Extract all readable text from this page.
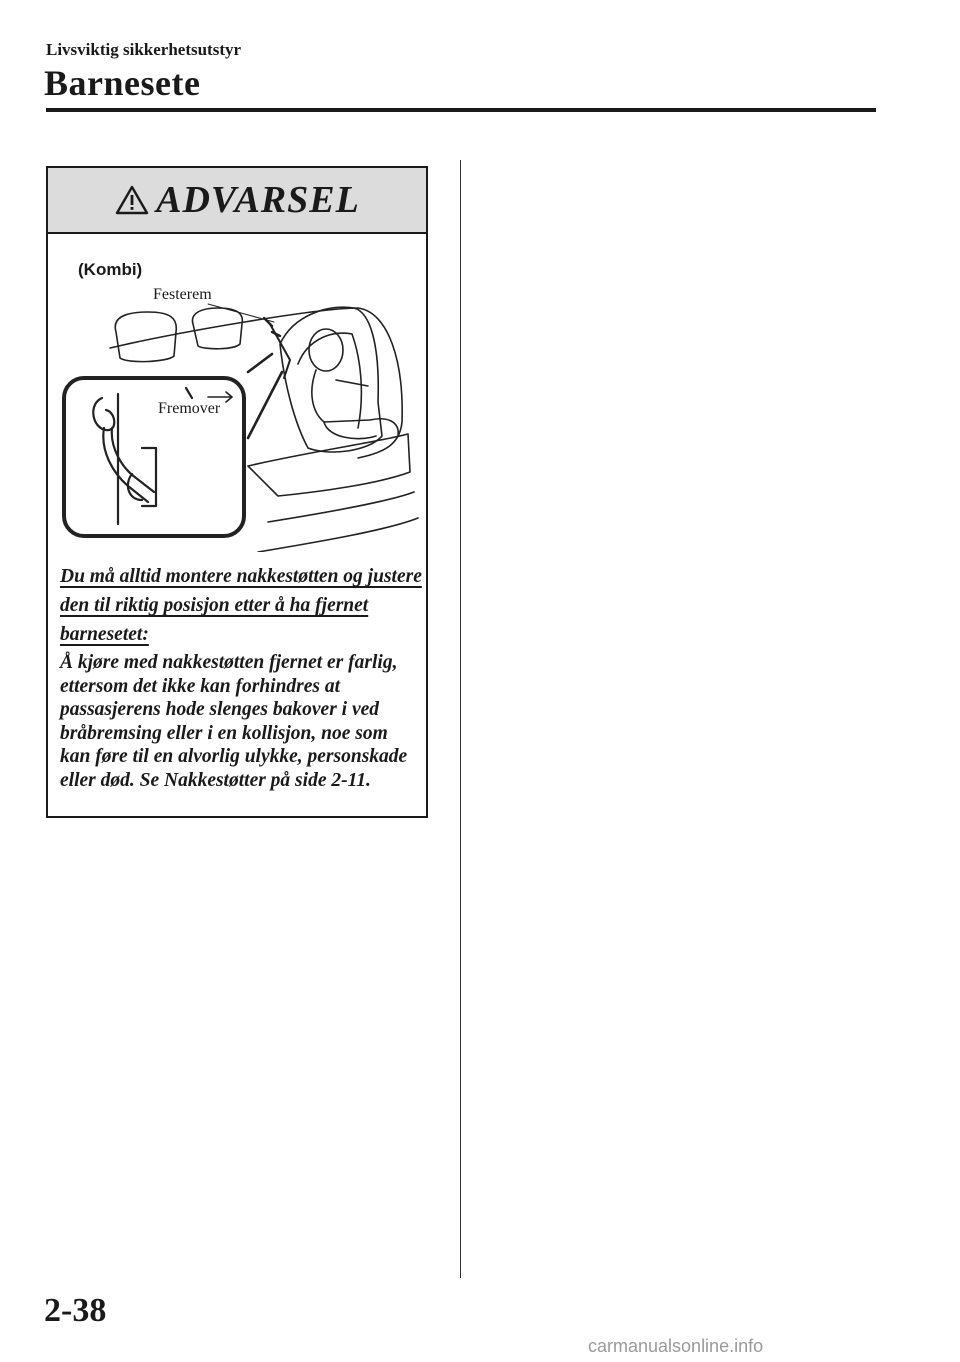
Livsviktig sikkerhetsutstyr
Barnesete
ADVARSEL
(Kombi)
Festerem
Fremover

Du må alltid montere nakkestøtten og justere den til riktig posisjon etter å ha fjernet barnesetet:

Å kjøre med nakkestøtten fjernet er farlig, ettersom det ikke kan forhindres at passasjerens hode slenges bakover i ved bråbremsing eller i en kollisjon, noe som kan føre til en alvorlig ulykke, personskade eller død. Se Nakkestøtter på side 2-11.

2-38
carmanualsonline.info
